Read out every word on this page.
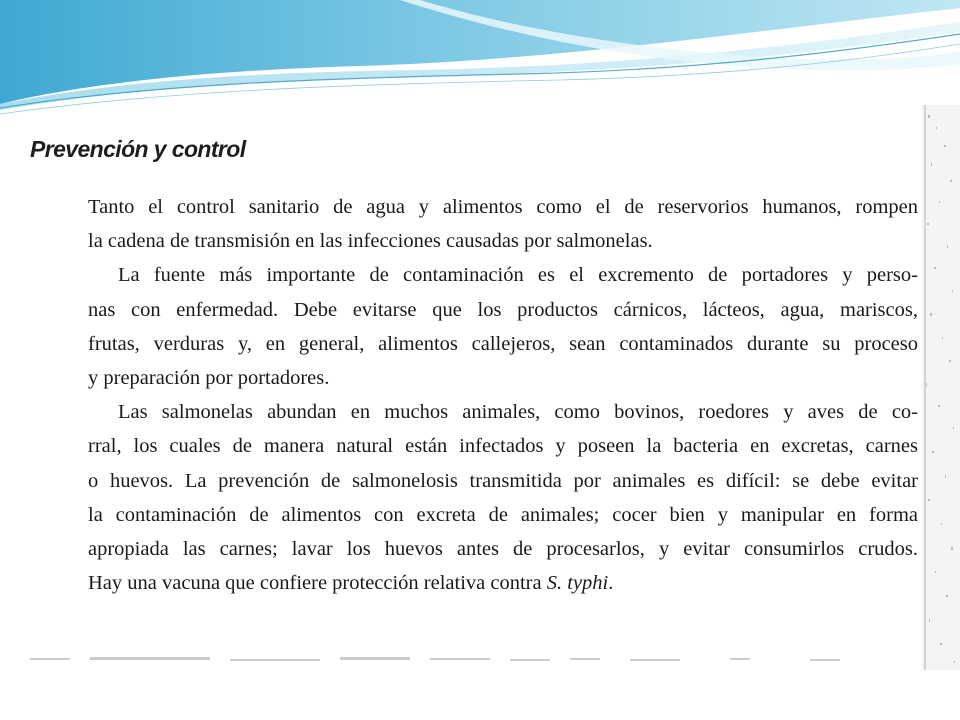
Prevención y control
Tanto el control sanitario de agua y alimentos como el de reservorios humanos, rompen
la cadena de transmisión en las infecciones causadas por salmonelas.
La fuente más importante de contaminación es el excremento de portadores y perso-
nas con enfermedad. Debe evitarse que los productos cárnicos, lácteos, agua, mariscos,
frutas, verduras y, en general, alimentos callejeros, sean contaminados durante su proceso
y preparación por portadores.
Las salmonelas abundan en muchos animales, como bovinos, roedores y aves de co-
rral, los cuales de manera natural están infectados y poseen la bacteria en excretas, carnes
o huevos. La prevención de salmonelosis transmitida por animales es difícil: se debe evitar
la contaminación de alimentos con excreta de animales; cocer bien y manipular en forma
apropiada las carnes; lavar los huevos antes de procesarlos, y evitar consumirlos crudos.
Hay una vacuna que confiere protección relativa contra S. typhi.
